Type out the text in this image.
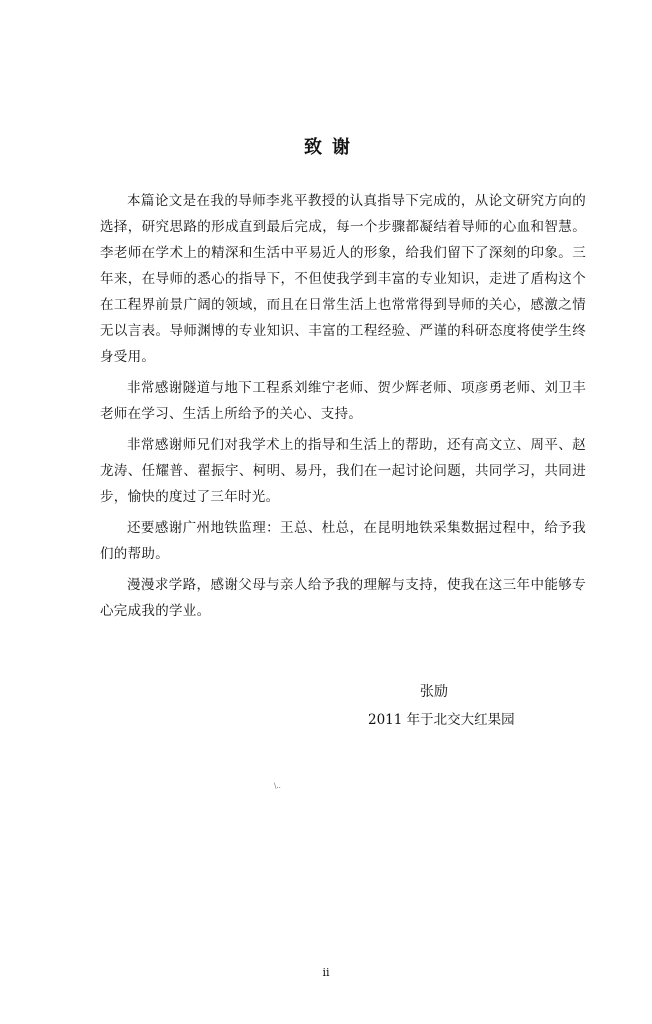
致谢

本篇论文是在我的导师李兆平教授的认真指导下完成的，从论文研究方向的选择，研究思路的形成直到最后完成，每一个步骤都凝结着导师的心血和智慧。李老师在学术上的精深和生活中平易近人的形象，给我们留下了深刻的印象。三年来，在导师的悉心的指导下，不但使我学到丰富的专业知识，走进了盾构这个在工程界前景广阔的领域，而且在日常生活上也常常得到导师的关心，感激之情无以言表。导师渊博的专业知识、丰富的工程经验、严谨的科研态度将使学生终身受用。

非常感谢隧道与地下工程系刘维宁老师、贺少辉老师、项彦勇老师、刘卫丰老师在学习、生活上所给予的关心、支持。

非常感谢师兄们对我学术上的指导和生活上的帮助，还有高文立、周平、赵龙涛、任耀普、翟振宇、柯明、易丹，我们在一起讨论问题，共同学习，共同进步，愉快的度过了三年时光。

还要感谢广州地铁监理：王总、杜总，在昆明地铁采集数据过程中，给予我们的帮助。

漫漫求学路，感谢父母与亲人给予我的理解与支持，使我在这三年中能够专心完成我的学业。

张励
2011 年于北交大红果园
\..
ii
